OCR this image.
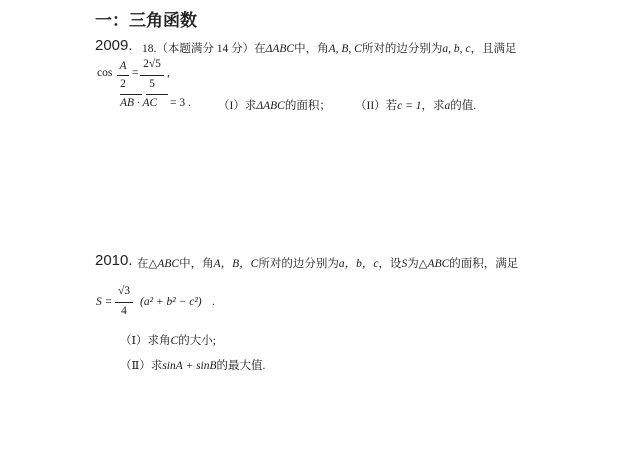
一：三角函数
2009. 18.（本题满分 14 分）在ΔABC中，角A, B, C所对的边分别为a, b, c，且满足
cos
A
2
=
2√5
5
,
AB · AC = 3 . （I）求ΔABC的面积； （II）若c = 1，求a的值.
2010. 在△ABC中，角A，B，C所对的边分别为a，b，c，设S为△ABC的面积，满足
S =
√3
4
(a² + b² − c²) .
（Ⅰ）求角C的大小;
（Ⅱ）求sinA + sinB的最大值.
